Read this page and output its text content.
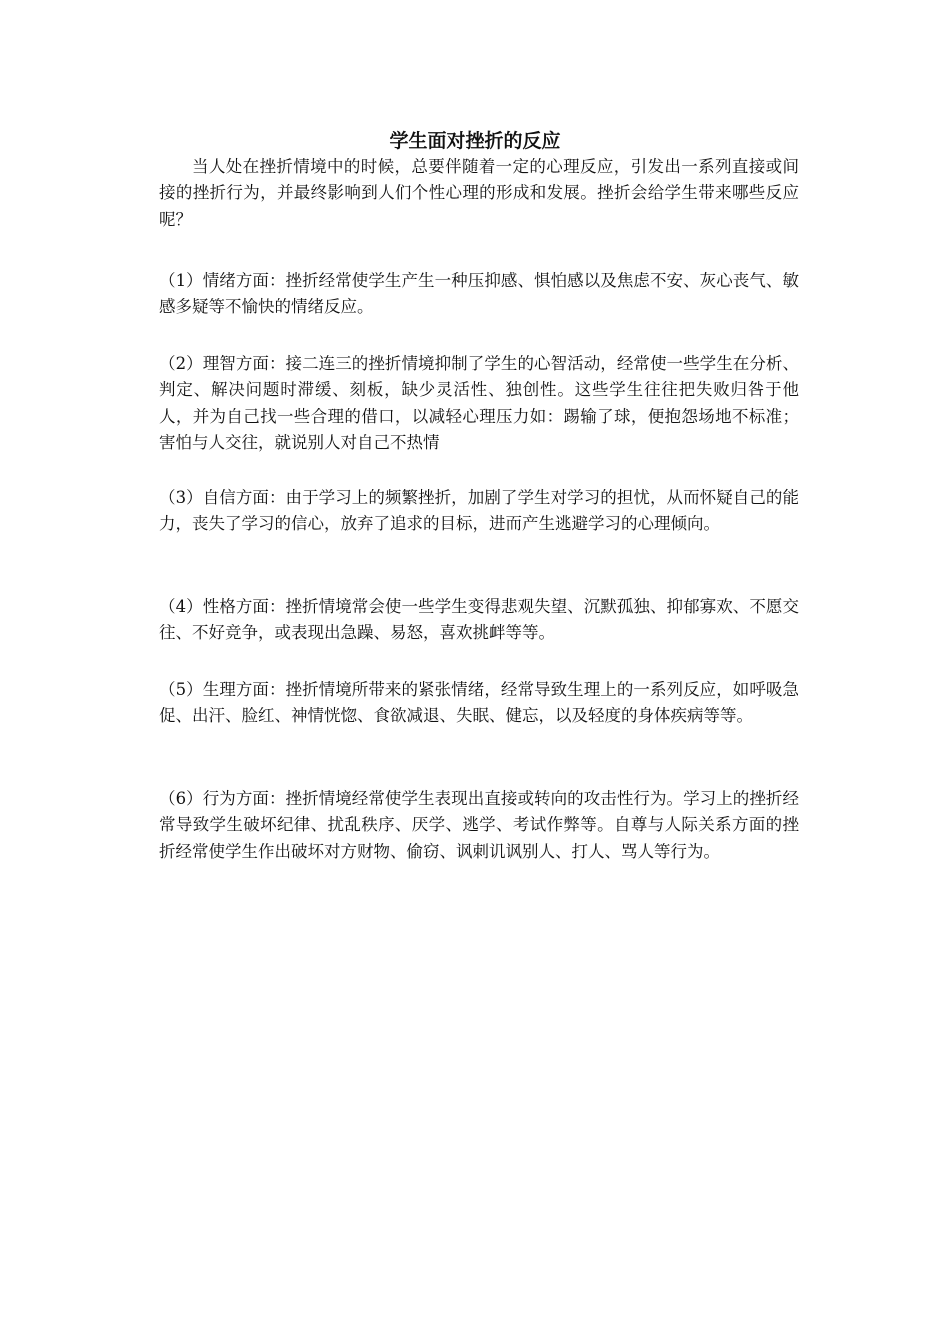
学生面对挫折的反应

当人处在挫折情境中的时候，总要伴随着一定的心理反应，引发出一系列直接或间接的挫折行为，并最终影响到人们个性心理的形成和发展。挫折会给学生带来哪些反应呢？

（1）情绪方面：挫折经常使学生产生一种压抑感、惧怕感以及焦虑不安、灰心丧气、敏感多疑等不愉快的情绪反应。

（2）理智方面：接二连三的挫折情境抑制了学生的心智活动，经常使一些学生在分析、判定、解决问题时滞缓、刻板，缺少灵活性、独创性。这些学生往往把失败归咎于他人，并为自己找一些合理的借口，以减轻心理压力如：踢输了球，便抱怨场地不标准；害怕与人交往，就说别人对自己不热情

（3）自信方面：由于学习上的频繁挫折，加剧了学生对学习的担忧，从而怀疑自己的能力，丧失了学习的信心，放弃了追求的目标，进而产生逃避学习的心理倾向。

（4）性格方面：挫折情境常会使一些学生变得悲观失望、沉默孤独、抑郁寡欢、不愿交往、不好竞争，或表现出急躁、易怒，喜欢挑衅等等。

（5）生理方面：挫折情境所带来的紧张情绪，经常导致生理上的一系列反应，如呼吸急促、出汗、脸红、神情恍惚、食欲减退、失眠、健忘，以及轻度的身体疾病等等。

（6）行为方面：挫折情境经常使学生表现出直接或转向的攻击性行为。学习上的挫折经常导致学生破坏纪律、扰乱秩序、厌学、逃学、考试作弊等。自尊与人际关系方面的挫折经常使学生作出破坏对方财物、偷窃、讽刺讥讽别人、打人、骂人等行为。
